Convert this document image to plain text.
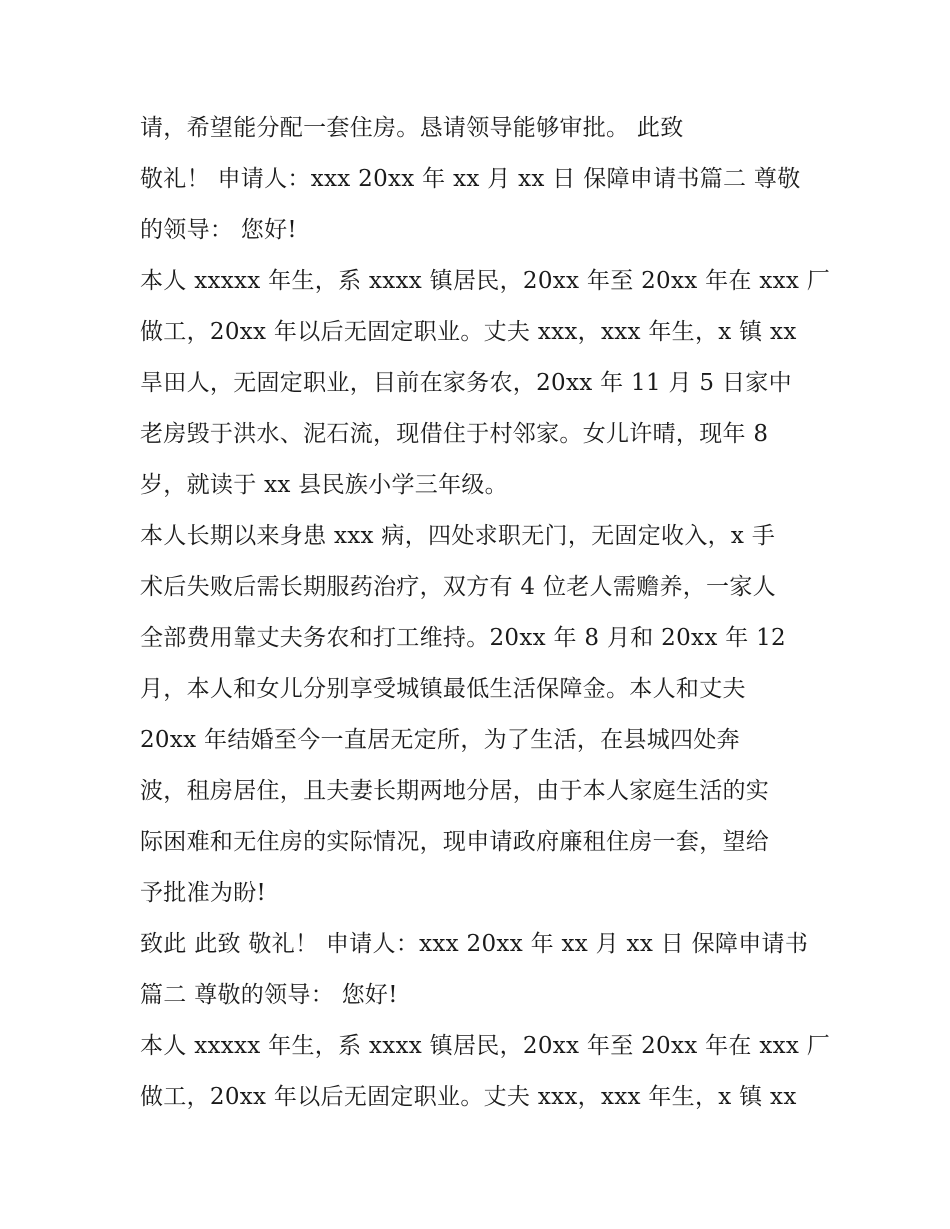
请，希望能分配一套住房。恳请领导能够审批。 此致
敬礼！ 申请人：xxx 20xx 年 xx 月 xx 日 保障申请书篇二 尊敬
的领导： 您好!
本人 xxxxx 年生，系 xxxx 镇居民，20xx 年至 20xx 年在 xxx 厂
做工，20xx 年以后无固定职业。丈夫 xxx，xxx 年生，x 镇 xx
旱田人，无固定职业，目前在家务农，20xx 年 11 月 5 日家中
老房毁于洪水、泥石流，现借住于村邻家。女儿许晴，现年 8
岁，就读于 xx 县民族小学三年级。
本人长期以来身患 xxx 病，四处求职无门，无固定收入，x 手
术后失败后需长期服药治疗，双方有 4 位老人需赡养，一家人
全部费用靠丈夫务农和打工维持。20xx 年 8 月和 20xx 年 12
月，本人和女儿分别享受城镇最低生活保障金。本人和丈夫
20xx 年结婚至今一直居无定所，为了生活，在县城四处奔
波，租房居住，且夫妻长期两地分居，由于本人家庭生活的实
际困难和无住房的实际情况，现申请政府廉租住房一套，望给
予批准为盼!
致此 此致 敬礼！ 申请人：xxx 20xx 年 xx 月 xx 日 保障申请书
篇二 尊敬的领导： 您好!
本人 xxxxx 年生，系 xxxx 镇居民，20xx 年至 20xx 年在 xxx 厂
做工，20xx 年以后无固定职业。丈夫 xxx，xxx 年生，x 镇 xx
